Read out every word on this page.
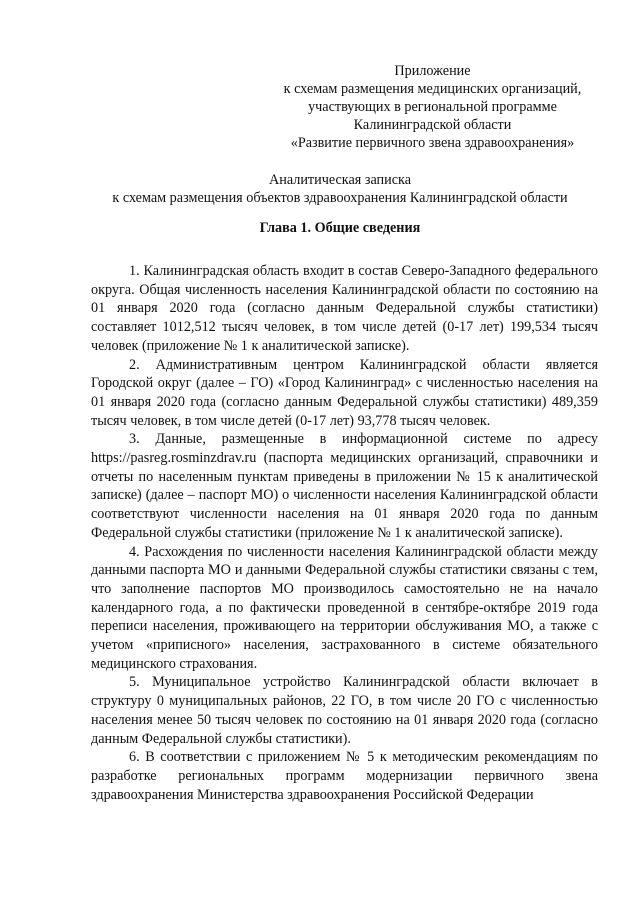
Приложение
к схемам размещения медицинских организаций,
участвующих в региональной программе
Калининградской области
«Развитие первичного звена здравоохранения»
Аналитическая записка
к схемам размещения объектов здравоохранения Калининградской области
Глава 1. Общие сведения

1. Калининградская область входит в состав Северо-Западного федерального округа. Общая численность населения Калининградской области по состоянию на 01 января 2020 года (согласно данным Федеральной службы статистики) составляет 1012,512 тысяч человек, в том числе детей (0-17 лет) 199,534 тысяч человек (приложение № 1 к аналитической записке).

2. Административным центром Калининградской области является Городской округ (далее – ГО) «Город Калининград» с численностью населения на 01 января 2020 года (согласно данным Федеральной службы статистики) 489,359 тысяч человек, в том числе детей (0-17 лет) 93,778 тысяч человек.

3. Данные, размещенные в информационной системе по адресу https://pasreg.rosminzdrav.ru (паспорта медицинских организаций, справочники и отчеты по населенным пунктам приведены в приложении № 15 к аналитической записке) (далее – паспорт МО) о численности населения Калининградской области соответствуют численности населения на 01 января 2020 года по данным Федеральной службы статистики (приложение № 1 к аналитической записке).

4. Расхождения по численности населения Калининградской области между данными паспорта МО и данными Федеральной службы статистики связаны с тем, что заполнение паспортов МО производилось самостоятельно не на начало календарного года, а по фактически проведенной в сентябре-октябре 2019 года переписи населения, проживающего на территории обслуживания МО, а также с учетом «приписного» населения, застрахованного в системе обязательного медицинского страхования.

5. Муниципальное устройство Калининградской области включает в структуру 0 муниципальных районов, 22 ГО, в том числе 20 ГО с численностью населения менее 50 тысяч человек по состоянию на 01 января 2020 года (согласно данным Федеральной службы статистики).

6. В соответствии с приложением № 5 к методическим рекомендациям по разработке региональных программ модернизации первичного звена здравоохранения Министерства здравоохранения Российской Федерации
